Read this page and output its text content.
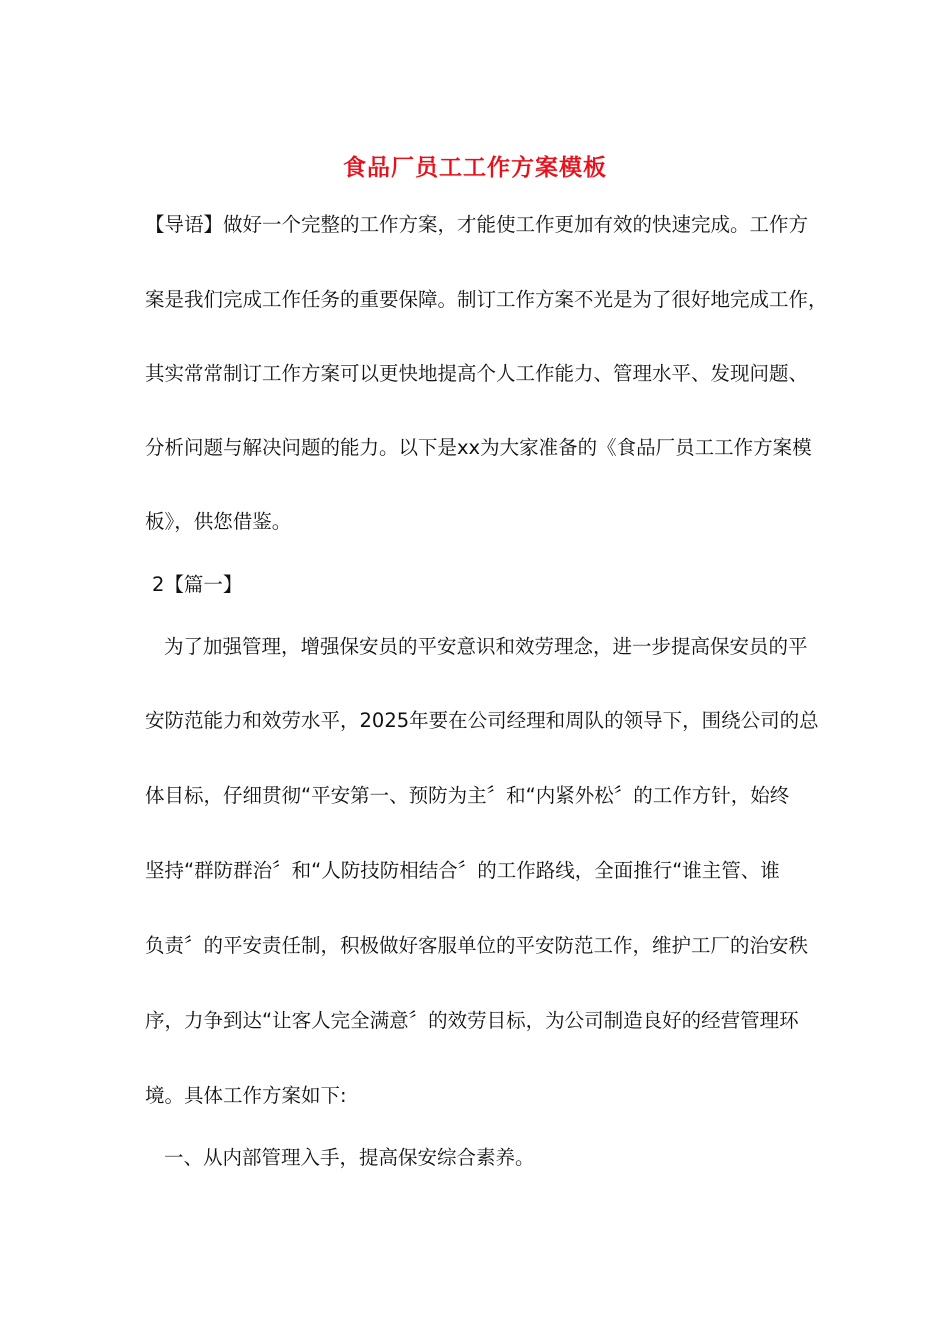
食品厂员工工作方案模板
【导语】做好一个完整的工作方案，才能使工作更加有效的快速完成。工作方
案是我们完成工作任务的重要保障。制订工作方案不光是为了很好地完成工作，
其实常常制订工作方案可以更快地提高个人工作能力、管理水平、发现问题、
分析问题与解决问题的能力。以下是xx为大家准备的《食品厂员工工作方案模
板》，供您借鉴。
2【篇一】
为了加强管理，增强保安员的平安意识和效劳理念，进一步提高保安员的平
安防范能力和效劳水平，2025年要在公司经理和周队的领导下，围绕公司的总
体目标，仔细贯彻“平安第一、预防为主〞和“内紧外松〞的工作方针，始终
坚持“群防群治〞和“人防技防相结合〞的工作路线，全面推行“谁主管、谁
负责〞的平安责任制，积极做好客服单位的平安防范工作，维护工厂的治安秩
序，力争到达“让客人完全满意〞的效劳目标，为公司制造良好的经营管理环
境。具体工作方案如下:
一、从内部管理入手，提高保安综合素养。
